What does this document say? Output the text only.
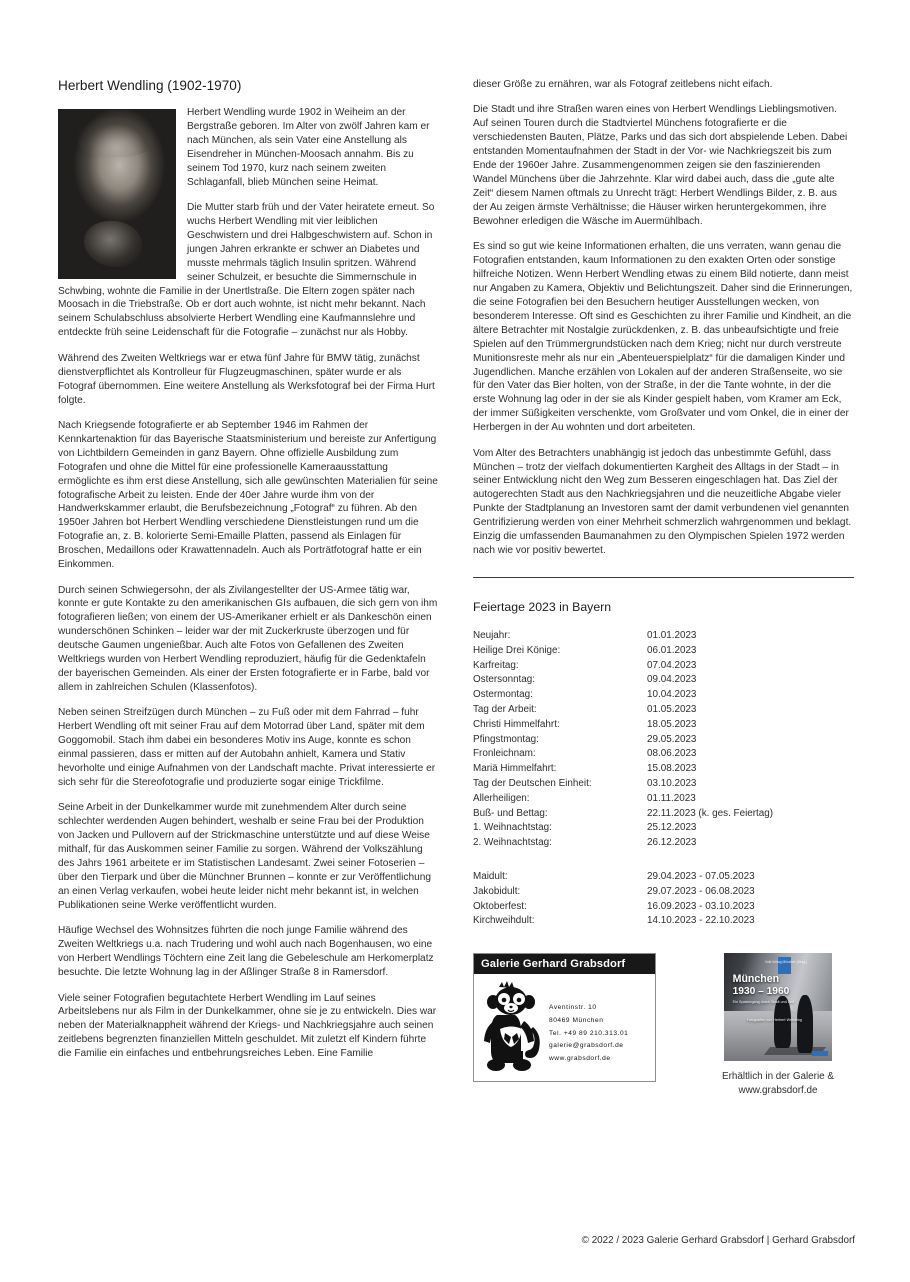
Herbert Wendling (1902-1970)

Herbert Wendling wurde 1902 in Weiheim an der Bergstraße geboren. Im Alter von zwölf Jahren kam er nach München, als sein Vater eine Anstellung als Eisendreher in München-Moosach annahm. Bis zu seinem Tod 1970, kurz nach seinem zweiten Schlaganfall, blieb München seine Heimat.

Die Mutter starb früh und der Vater heiratete erneut. So wuchs Herbert Wendling mit vier leiblichen Geschwistern und drei Halbgeschwistern auf. Schon in jungen Jahren erkrankte er schwer an Diabetes und musste mehrmals täglich Insulin spritzen. Während seiner Schulzeit, er besuchte die Simmernschule in Schwbing, wohnte die Familie in der Unertlstraße. Die Eltern zogen später nach Moosach in die Triebstraße. Ob er dort auch wohnte, ist nicht mehr bekannt. Nach seinem Schulabschluss absolvierte Herbert Wendling eine Kaufmannslehre und entdeckte früh seine Leidenschaft für die Fotografie – zunächst nur als Hobby.

Während des Zweiten Weltkriegs war er etwa fünf Jahre für BMW tätig, zunächst dienstverpflichtet als Kontrolleur für Flugzeugmaschinen, später wurde er als Fotograf übernommen. Eine weitere Anstellung als Werksfotograf bei der Firma Hurt folgte.

Nach Kriegsende fotografierte er ab September 1946 im Rahmen der Kennkartenaktion für das Bayerische Staatsministerium und bereiste zur Anfertigung von Lichtbildern Gemeinden in ganz Bayern. Ohne offizielle Ausbildung zum Fotografen und ohne die Mittel für eine professionelle Kameraausstattung ermöglichte es ihm erst diese Anstellung, sich alle gewünschten Materialien für seine fotografische Arbeit zu leisten. Ende der 40er Jahre wurde ihm von der Handwerkskammer erlaubt, die Berufsbezeichnung „Fotograf“ zu führen. Ab den 1950er Jahren bot Herbert Wendling verschiedene Dienstleistungen rund um die Fotografie an, z. B. kolorierte Semi-Emaille Platten, passend als Einlagen für Broschen, Medaillons oder Krawattennadeln. Auch als Porträtfotograf hatte er ein Einkommen.

Durch seinen Schwiegersohn, der als Zivilangestellter der US-Armee tätig war, konnte er gute Kontakte zu den amerikanischen GIs aufbauen, die sich gern von ihm fotografieren ließen; von einem der US-Amerikaner erhielt er als Dankeschön einen wunderschönen Schinken – leider war der mit Zuckerkruste überzogen und für deutsche Gaumen ungenießbar. Auch alte Fotos von Gefallenen des Zweiten Weltkriegs wurden von Herbert Wendling reproduziert, häufig für die Gedenktafeln der bayerischen Gemeinden. Als einer der Ersten fotografierte er in Farbe, bald vor allem in zahlreichen Schulen (Klassenfotos).

Neben seinen Streifzügen durch München – zu Fuß oder mit dem Fahrrad – fuhr Herbert Wendling oft mit seiner Frau auf dem Motorrad über Land, später mit dem Goggomobil. Stach ihm dabei ein besonderes Motiv ins Auge, konnte es schon einmal passieren, dass er mitten auf der Autobahn anhielt, Kamera und Stativ hevorholte und einige Aufnahmen von der Landschaft machte. Privat interessierte er sich sehr für die Stereofotografie und produzierte sogar einige Trickfilme.

Seine Arbeit in der Dunkelkammer wurde mit zunehmendem Alter durch seine schlechter werdenden Augen behindert, weshalb er seine Frau bei der Produktion von Jacken und Pullovern auf der Strickmaschine unterstützte und auf diese Weise mithalf, für das Auskommen seiner Familie zu sorgen. Während der Volkszählung des Jahrs 1961 arbeitete er im Statistischen Landesamt. Zwei seiner Fotoserien – über den Tierpark und über die Münchner Brunnen – konnte er zur Veröffentlichung an einen Verlag verkaufen, wobei heute leider nicht mehr bekannt ist, in welchen Publikationen seine Werke veröffentlicht wurden.

Häufige Wechsel des Wohnsitzes führten die noch junge Familie während des Zweiten Weltkriegs u.a. nach Trudering und wohl auch nach Bogenhausen, wo eine von Herbert Wendlings Töchtern eine Zeit lang die Gebeleschule am Herkomerplatz besuchte. Die letzte Wohnung lag in der Aßlinger Straße 8 in Ramersdorf.

Viele seiner Fotografien begutachtete Herbert Wendling im Lauf seines Arbeitslebens nur als Film in der Dunkelkammer, ohne sie je zu entwickeln. Dies war neben der Materialknappheit während der Kriegs- und Nachkriegsjahre auch seinen zeitlebens begrenzten finanziellen Mitteln geschuldet. Mit zuletzt elf Kindern führte die Familie ein einfaches und entbehrungsreiches Leben. Eine Familie

dieser Größe zu ernähren, war als Fotograf zeitlebens nicht eifach.

Die Stadt und ihre Straßen waren eines von Herbert Wendlings Lieblingsmotiven. Auf seinen Touren durch die Stadtviertel Münchens fotografierte er die verschiedensten Bauten, Plätze, Parks und das sich dort abspielende Leben. Dabei entstanden Momentaufnahmen der Stadt in der Vor- wie Nachkriegszeit bis zum Ende der 1960er Jahre. Zusammengenommen zeigen sie den faszinierenden Wandel Münchens über die Jahrzehnte. Klar wird dabei auch, dass die „gute alte Zeit“ diesem Namen oftmals zu Unrecht trägt: Herbert Wendlings Bilder, z. B. aus der Au zeigen ärmste Verhältnisse; die Häuser wirken heruntergekommen, ihre Bewohner erledigen die Wäsche im Auermühlbach.

Es sind so gut wie keine Informationen erhalten, die uns verraten, wann genau die Fotografien entstanden, kaum Informationen zu den exakten Orten oder sonstige hilfreiche Notizen. Wenn Herbert Wendling etwas zu einem Bild notierte, dann meist nur Angaben zu Kamera, Objektiv und Belichtungszeit. Daher sind die Erinnerungen, die seine Fotografien bei den Besuchern heutiger Ausstellungen wecken, von besonderem Interesse. Oft sind es Geschichten zu ihrer Familie und Kindheit, an die ältere Betrachter mit Nostalgie zurückdenken, z. B. das unbeaufsichtigte und freie Spielen auf den Trümmergrundstücken nach dem Krieg; nicht nur durch verstreute Munitionsreste mehr als nur ein „Abenteuerspielplatz“ für die damaligen Kinder und Jugendlichen. Manche erzählen von Lokalen auf der anderen Straßenseite, wo sie für den Vater das Bier holten, von der Straße, in der die Tante wohnte, in der die erste Wohnung lag oder in der sie als Kinder gespielt haben, vom Kramer am Eck, der immer Süßigkeiten verschenkte, vom Großvater und vom Onkel, die in einer der Herbergen in der Au wohnten und dort arbeiteten.

Vom Alter des Betrachters unabhängig ist jedoch das unbestimmte Gefühl, dass München – trotz der vielfach dokumentierten Kargheit des Alltags in der Stadt – in seiner Entwicklung nicht den Weg zum Besseren eingeschlagen hat. Das Ziel der autogerechten Stadt aus den Nachkriegsjahren und die neuzeitliche Abgabe vieler Punkte der Stadtplanung an Investoren samt der damit verbundenen viel genannten Gentrifizierung werden von einer Mehrheit schmerzlich wahrgenommen und beklagt. Einzig die umfassenden Baumanahmen zu den Olympischen Spielen 1972 werden nach wie vor positiv bewertet.

Feiertage 2023 in Bayern
Neujahr:	01.01.2023
Heilige Drei Könige:	06.01.2023
Karfreitag:	07.04.2023
Ostersonntag:	09.04.2023
Ostermontag:	10.04.2023
Tag der Arbeit:	01.05.2023
Christi Himmelfahrt:	18.05.2023
Pfingstmontag:	29.05.2023
Fronleichnam:	08.06.2023
Mariä Himmelfahrt:	15.08.2023
Tag der Deutschen Einheit:	03.10.2023
Allerheiligen:	01.11.2023
Buß- und Bettag:	22.11.2023 (k. ges. Feiertag)
1. Weihnachtstag:	25.12.2023
2. Weihnachtstag:	26.12.2023
Maidult:	29.04.2023 - 07.05.2023
Jakobidult:	29.07.2023 - 06.08.2023
Oktoberfest:	16.09.2023 - 03.10.2023
Kirchweihdult:	14.10.2023 - 22.10.2023
Galerie Gerhard Grabsdorf
Aventinstr. 10
80469 München
Tel. +49 89 210.313.01
galerie@grabsdorf.de
www.grabsdorf.de
Volk Verlag München (Hrsg.)
München
1930 – 1960
Ein Spaziergang durch Stadt und Zeit
Fotografien von Herbert Wendling
Erhältlich in der Galerie &
www.grabsdorf.de
© 2022 / 2023 Galerie Gerhard Grabsdorf | Gerhard Grabsdorf
